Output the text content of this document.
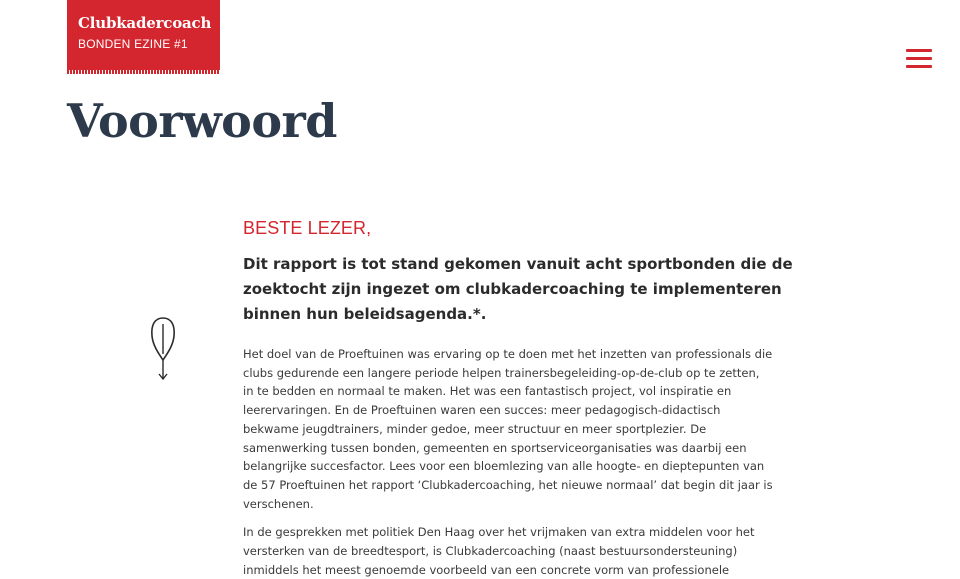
Clubkadercoach
BONDEN EZINE #1
Voorwoord
BESTE LEZER,

Dit rapport is tot stand gekomen vanuit acht sportbonden die de zoektocht zijn ingezet om clubkadercoaching te implementeren binnen hun beleidsagenda.*.

Het doel van de Proeftuinen was ervaring op te doen met het inzetten van professionals die clubs gedurende een langere periode helpen trainersbegeleiding-op-de-club op te zetten, in te bedden en normaal te maken. Het was een fantastisch project, vol inspiratie en leerervaringen. En de Proeftuinen waren een succes: meer pedagogisch-didactisch bekwame jeugdtrainers, minder gedoe, meer structuur en meer sportplezier. De samenwerking tussen bonden, gemeenten en sportserviceorganisaties was daarbij een belangrijke succesfactor. Lees voor een bloemlezing van alle hoogte- en dieptepunten van de 57 Proeftuinen het rapport ‘Clubkadercoaching, het nieuwe normaal’ dat begin dit jaar is verschenen.

In de gesprekken met politiek Den Haag over het vrijmaken van extra middelen voor het versterken van de breedtesport, is Clubkadercoaching (naast bestuursondersteuning) inmiddels het meest genoemde voorbeeld van een concrete vorm van professionele
